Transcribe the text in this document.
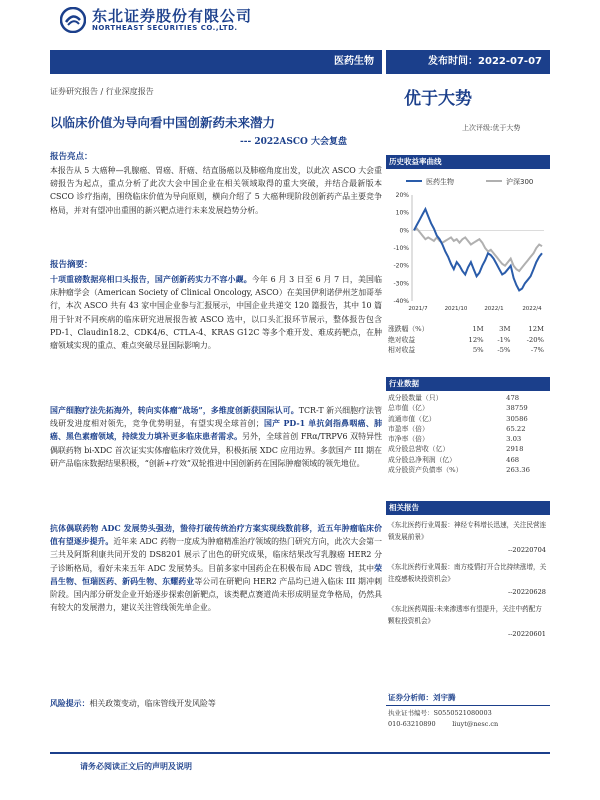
东北证券股份有限公司
NORTHEAST SECURITIES CO.,LTD.
医药生物	发布时间：2022-07-07
证券研究报告 / 行业深度报告
以临床价值为导向看中国创新药未来潜力
--- 2022ASCO 大会复盘
优于大势
上次评级:优于大势
报告亮点：
本报告从 5 大癌种—乳腺癌、胃癌、肝癌、结直肠癌以及肺癌角度出发，以此次 ASCO 大会重磅报告为起点，重点分析了此次大会中国企业在相关领域取得的重大突破，并结合最新版本 CSCO 诊疗指南，围绕临床价值为导向原则，横向介绍了 5 大癌种现阶段创新药产品主要竞争格局，并对有望冲出重围的新兴靶点进行未来发展趋势分析。
报告摘要：
十项重磅数据亮相口头报告，国产创新药实力不容小觑。今年 6 月 3 日至 6 月 7 日，美国临床肿瘤学会（American Society of Clinical Oncology, ASCO）在美国伊利诺伊州芝加哥举行，本次 ASCO 共有 43 家中国企业参与汇报展示，中国企业共递交 120 篇报告，其中 10 篇用于针对不同疾病的临床研究进展报告被 ASCO 选中，以口头汇报环节展示，整体报告包含 PD-1、Claudin18.2、CDK4/6、CTLA-4、KRAS G12C 等多个难开发、难成药靶点，在肿瘤领域实现的重点、难点突破尽显国际影响力。
国产细胞疗法先拓海外，转向实体瘤“战场”，多维度创新获国际认可。TCR-T 新兴细胞疗法管线研发进度相对领先，竞争优势明显，有望实现全球首创；国产 PD-1 单抗剑指鼻咽癌、肺癌、黑色素瘤领域，持续发力填补更多临床患者需求。另外，全球首创 FRα/TRPV6 双特异性偶联药物 bi-XDC 首次证实实体瘤临床疗效优异，积极拓展 XDC 应用边界。多款国产 III 期在研产品临床数据结果积极，“创新+疗效”双轮推进中国创新药在国际肿瘤领域的领先地位。
抗体偶联药物 ADC 发展势头强劲，蛰待打破传统治疗方案实现线数前移，近五年肿瘤临床价值有望逐步提升。近年来 ADC 药物一度成为肿瘤精准治疗领域的热门研究方向，此次大会第一三共及阿斯利康共同开发的 DS8201 展示了出色的研究成果，临床结果改写乳腺癌 HER2 分子诊断格局，看好未来五年 ADC 发展势头。目前多家中国药企在积极布局 ADC 管线，其中荣昌生物、恒瑞医药、新码生物、东耀药业等公司在研靶向 HER2 产品均已进入临床 III 期冲刺阶段。国内部分研发企业开始逐步探索创新靶点，该类靶点赛道尚未形成明显竞争格局，仍然具有较大的发展潜力，建议关注管线领先单企业。
风险提示：相关政策变动，临床管线开发风险等
历史收益率曲线
医药生物	沪深300
20%
10%
0%
-10%
-20%
-30%
-40%
2021/7	2021/10	2022/1	2022/4
涨跌幅（%）	1M	3M	12M
绝对收益	12%	-1%	-20%
相对收益	5%	-5%	-7%
行业数据
成分股数量（只）	478
总市值（亿）	38759
流通市值（亿）	30586
市盈率（倍）	65.22
市净率（倍）	3.03
成分股总营收（亿）	2918
成分股总净利润（亿）	468
成分股资产负债率（%）	263.36
相关报告
《东北医药行业周报：神经专科增长迅速，关注民营连锁发展前景》
--20220704
《东北医药行业周报：南方疫情打开合比持续涨增，关注疫感板块投资机会》
--20220628
《东北医药周报:未来渗透率有望提升，关注中药配方颗粒投资机会》
--20220601
证券分析师：刘宇腾
执业证书编号：S0550521080003
010-63210890        liuyt@nesc.cn
请务必阅读正文后的声明及说明
